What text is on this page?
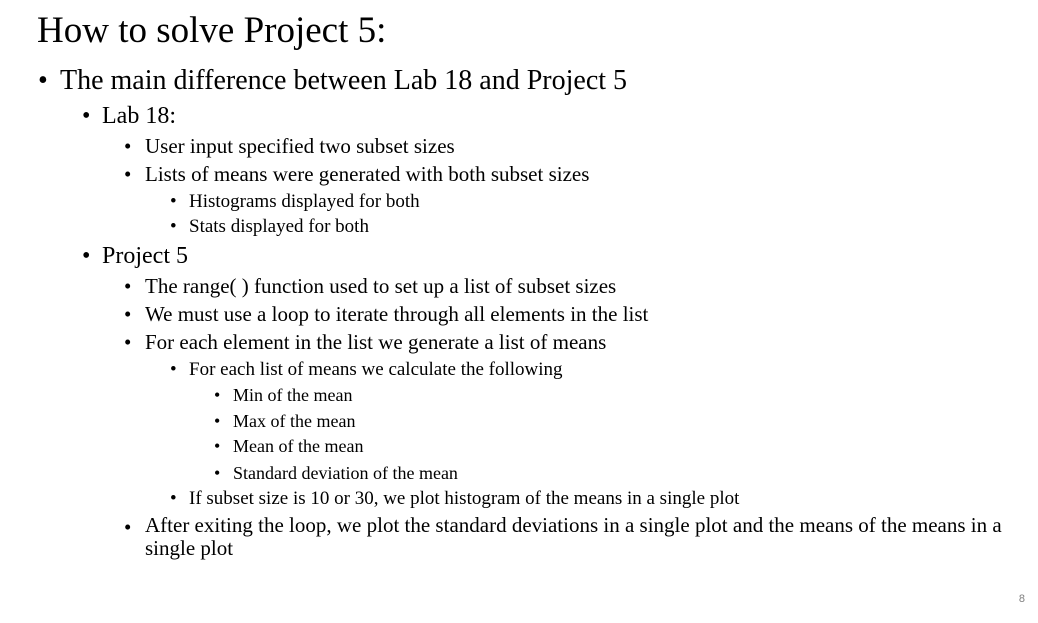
How to solve Project 5:
• The main difference between Lab 18 and Project 5
• Lab 18:
• User input specified two subset sizes
• Lists of means were generated with both subset sizes
• Histograms displayed for both
• Stats displayed for both
• Project 5
• The range( ) function used to set up a list of subset sizes
• We must use a loop to iterate through all elements in the list
• For each element in the list we generate a list of means
• For each list of means we calculate the following
• Min of the mean
• Max of the mean
• Mean of the mean
• Standard deviation of the mean
• If subset size is 10 or 30, we plot histogram of the means in a single plot
• After exiting the loop, we plot the standard deviations in a single plot and the means of the means in a single plot
8
